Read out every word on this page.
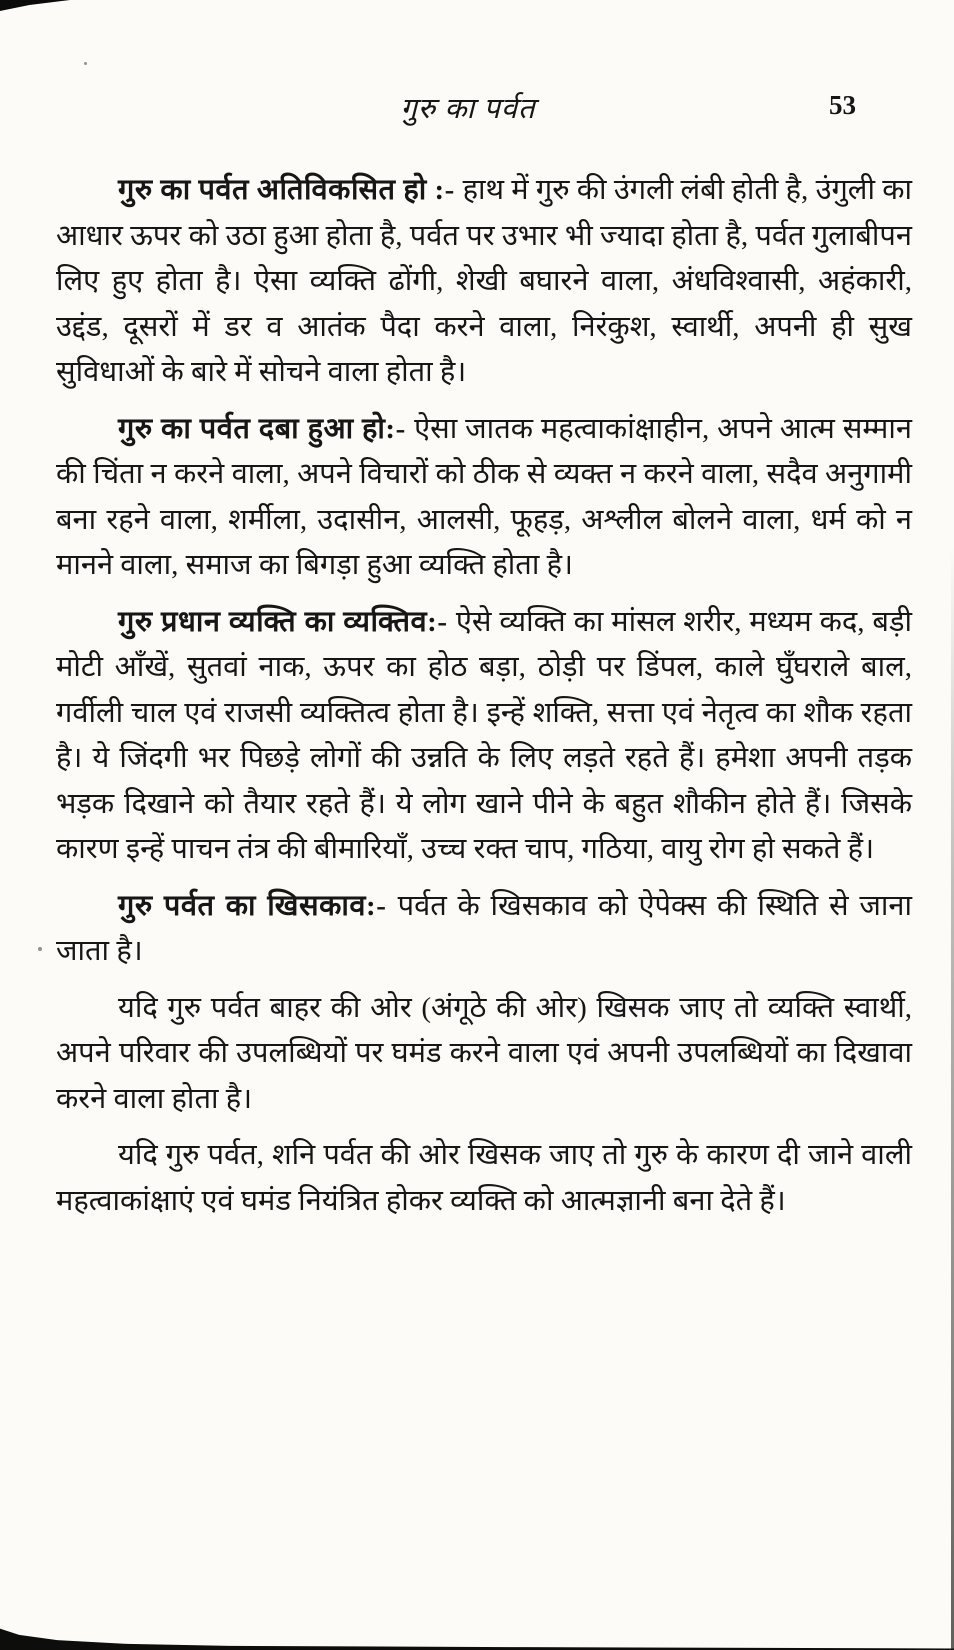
गुरु का पर्वत	53

गुरु का पर्वत अतिविकसित हो :- हाथ में गुरु की उंगली लंबी होती है, उंगुली का आधार ऊपर को उठा हुआ होता है, पर्वत पर उभार भी ज्यादा होता है, पर्वत गुलाबीपन लिए हुए होता है। ऐसा व्यक्ति ढोंगी, शेखी बघारने वाला, अंधविश्वासी, अहंकारी, उद्दंड, दूसरों में डर व आतंक पैदा करने वाला, निरंकुश, स्वार्थी, अपनी ही सुख सुविधाओं के बारे में सोचने वाला होता है।

गुरु का पर्वत दबा हुआ हो:- ऐसा जातक महत्वाकांक्षाहीन, अपने आत्म सम्मान की चिंता न करने वाला, अपने विचारों को ठीक से व्यक्त न करने वाला, सदैव अनुगामी बना रहने वाला, शर्मीला, उदासीन, आलसी, फूहड़, अश्लील बोलने वाला, धर्म को न मानने वाला, समाज का बिगड़ा हुआ व्यक्ति होता है।

गुरु प्रधान व्यक्ति का व्यक्तिव:- ऐसे व्यक्ति का मांसल शरीर, मध्यम कद, बड़ी मोटी आँखें, सुतवां नाक, ऊपर का होठ बड़ा, ठोड़ी पर डिंपल, काले घुँघराले बाल, गर्वीली चाल एवं राजसी व्यक्तित्व होता है। इन्हें शक्ति, सत्ता एवं नेतृत्व का शौक रहता है। ये जिंदगी भर पिछड़े लोगों की उन्नति के लिए लड़ते रहते हैं। हमेशा अपनी तड़क भड़क दिखाने को तैयार रहते हैं। ये लोग खाने पीने के बहुत शौकीन होते हैं। जिसके कारण इन्हें पाचन तंत्र की बीमारियाँ, उच्च रक्त चाप, गठिया, वायु रोग हो सकते हैं।

गुरु पर्वत का खिसकाव:- पर्वत के खिसकाव को ऐपेक्स की स्थिति से जाना जाता है।

यदि गुरु पर्वत बाहर की ओर (अंगूठे की ओर) खिसक जाए तो व्यक्ति स्वार्थी, अपने परिवार की उपलब्धियों पर घमंड करने वाला एवं अपनी उपलब्धियों का दिखावा करने वाला होता है।

यदि गुरु पर्वत, शनि पर्वत की ओर खिसक जाए तो गुरु के कारण दी जाने वाली महत्वाकांक्षाएं एवं घमंड नियंत्रित होकर व्यक्ति को आत्मज्ञानी बना देते हैं।
